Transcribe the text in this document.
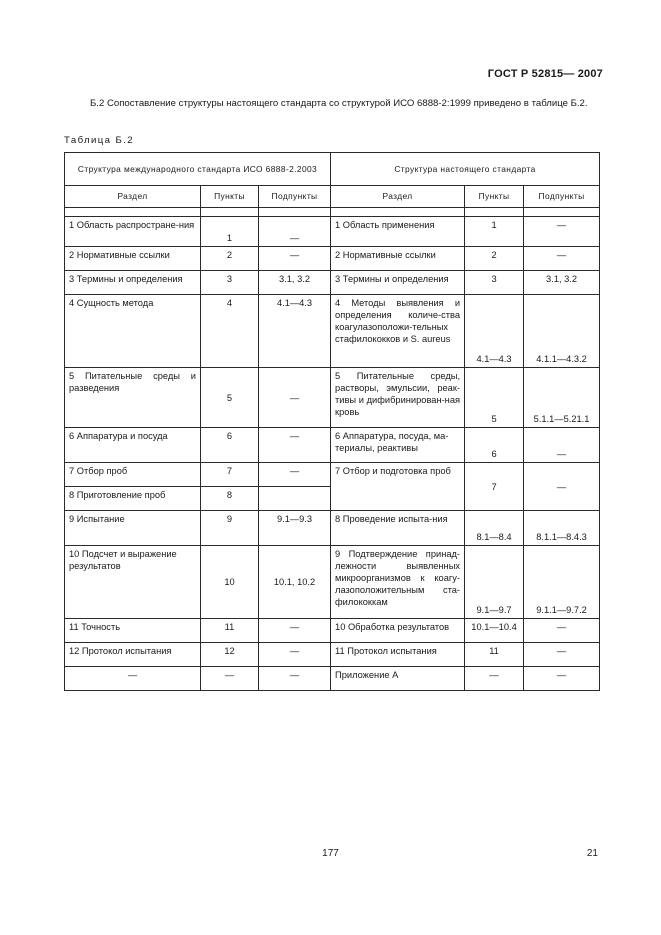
ГОСТ Р 52815— 2007
Б.2 Сопоставление структуры настоящего стандарта со структурой ИСО 6888-2:1999 приведено в таблице Б.2.
Таблица Б.2
Структура международного стандарта ИСО 6888-2.2003			Структура настоящего стандарта		
Раздел	Пункты	Подпункты	Раздел	Пункты	Подпункты

1 Область распростране-ния	1	—	1 Область применения	1	—
2 Нормативные ссылки	2	—	2 Нормативные ссылки	2	—
3 Термины и определения	3	3.1, 3.2	3 Термины и определения	3	3.1, 3.2
4 Сущность метода	4	4.1—4.3	4 Методы выявления и определения количе-ства коагулазоположи-тельных стафилококков и S. aureus	4.1—4.3	4.1.1—4.3.2
5 Питательные среды и разведения	5	—	5 Питательные среды, растворы, эмульсии, реак-тивы и дифибринирован-ная кровь	5	5.1.1—5.21.1
6 Аппаратура и посуда	6	—	6 Аппаратура, посуда, ма-териалы, реактивы	6	—
7 Отбор проб	7	—	7 Отбор и подготовка проб	7	—
8 Приготовление проб	8				
9 Испытание	9	9.1—9.3	8 Проведение испыта-ния	8.1—8.4	8.1.1—8.4.3
10 Подсчет и выражение результатов	10	10.1, 10.2	9 Подтверждение принад-лежности выявленных микроорганизмов к коагу-лазоположительным ста-филококкам	9.1—9.7	9.1.1—9.7.2
11 Точность	11	—	10 Обработка результатов	10.1—10.4	—
12 Протокол испытания	12	—	11 Протокол испытания	11	—
—	—	—	Приложение А	—	—
177	21
